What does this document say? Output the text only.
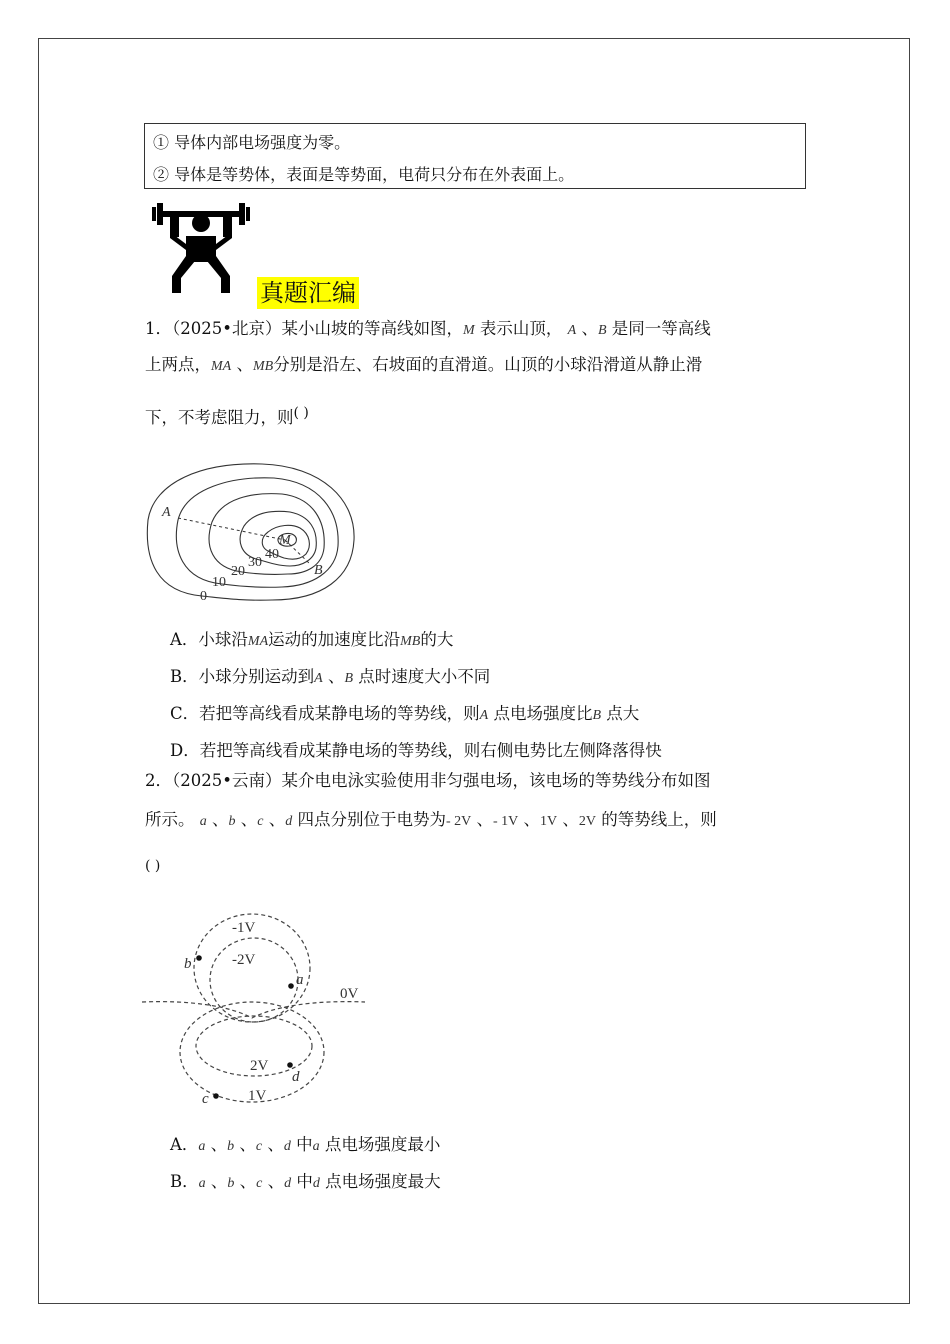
① 导体内部电场强度为零。
② 导体是等势体，表面是等势面，电荷只分布在外表面上。
真题汇编
1．（2025•北京）某小山坡的等高线如图，M 表示山顶， A 、B 是同一等高线
上两点，MA 、MB分别是沿左、右坡面的直滑道。山顶的小球沿滑道从静止滑
下，不考虑阻力，则( )
A
M
B
0
10
20
30
40
A．小球沿MA运动的加速度比沿MB的大
B．小球分别运动到A 、B 点时速度大小不同
C．若把等高线看成某静电场的等势线，则A 点电场强度比B 点大
D．若把等高线看成某静电场的等势线，则右侧电势比左侧降落得快
2．（2025•云南）某介电电泳实验使用非匀强电场，该电场的等势线分布如图
所示。 a 、b 、c 、d 四点分别位于电势为- 2V 、- 1V 、1V 、2V 的等势线上，则
( )
-1V
-2V
0V
2V
1V
a
b
c
d
A．a 、b 、c 、d 中a 点电场强度最小
B．a 、b 、c 、d 中d 点电场强度最大
